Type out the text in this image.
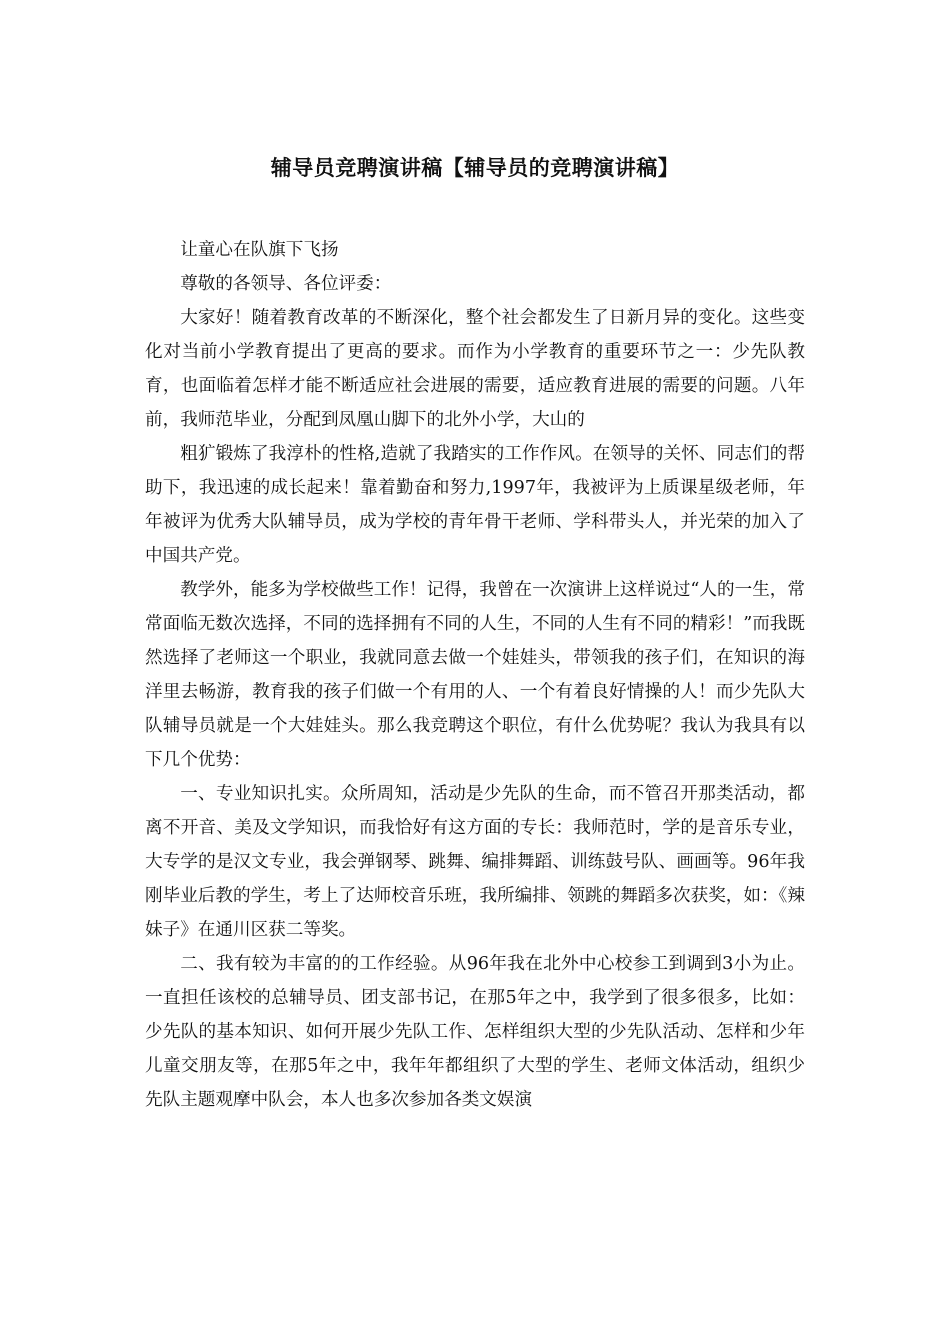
辅导员竞聘演讲稿【辅导员的竞聘演讲稿】

让童心在队旗下飞扬

尊敬的各领导、各位评委：

大家好！随着教育改革的不断深化，整个社会都发生了日新月异的变化。这些变化对当前小学教育提出了更高的要求。而作为小学教育的重要环节之一：少先队教育，也面临着怎样才能不断适应社会进展的需要，适应教育进展的需要的问题。八年前，我师范毕业，分配到凤凰山脚下的北外小学，大山的

粗犷锻炼了我淳朴的性格,造就了我踏实的工作作风。在领导的关怀、同志们的帮助下，我迅速的成长起来！靠着勤奋和努力,1997年，我被评为上质课星级老师，年年被评为优秀大队辅导员，成为学校的青年骨干老师、学科带头人，并光荣的加入了中国共产党。

教学外，能多为学校做些工作！记得，我曾在一次演讲上这样说过“人的一生，常常面临无数次选择，不同的选择拥有不同的人生，不同的人生有不同的精彩！”而我既然选择了老师这一个职业，我就同意去做一个娃娃头，带领我的孩子们，在知识的海洋里去畅游，教育我的孩子们做一个有用的人、一个有着良好情操的人！而少先队大队辅导员就是一个大娃娃头。那么我竞聘这个职位，有什么优势呢？我认为我具有以下几个优势：

一、专业知识扎实。众所周知，活动是少先队的生命，而不管召开那类活动，都离不开音、美及文学知识，而我恰好有这方面的专长：我师范时，学的是音乐专业，大专学的是汉文专业，我会弹钢琴、跳舞、编排舞蹈、训练鼓号队、画画等。96年我刚毕业后教的学生，考上了达师校音乐班，我所编排、领跳的舞蹈多次获奖，如：《辣妹子》在通川区获二等奖。

二、我有较为丰富的的工作经验。从96年我在北外中心校参工到调到3小为止。一直担任该校的总辅导员、团支部书记，在那5年之中，我学到了很多很多，比如：少先队的基本知识、如何开展少先队工作、怎样组织大型的少先队活动、怎样和少年儿童交朋友等，在那5年之中，我年年都组织了大型的学生、老师文体活动，组织少先队主题观摩中队会，本人也多次参加各类文娱演
